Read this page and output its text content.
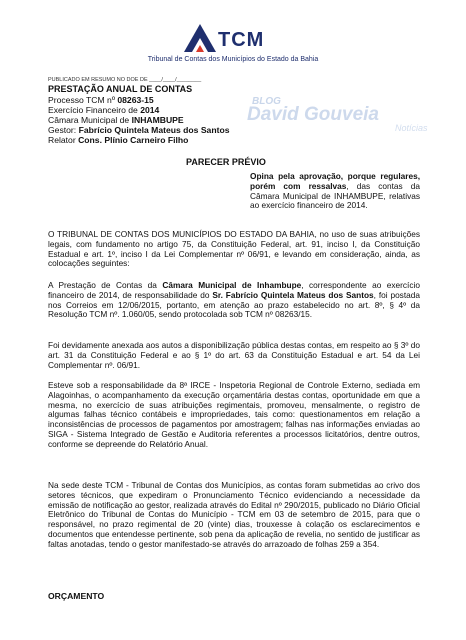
TCM
Tribunal de Contas dos Municípios do Estado da Bahia
PUBLICADO EM RESUMO NO DOE DE ____/____/________
PRESTAÇÃO ANUAL DE CONTAS
Processo TCM nº 08263-15
Exercício Financeiro de 2014
Câmara Municipal de INHAMBUPE
Gestor: Fabrício Quintela Mateus dos Santos
Relator Cons. Plínio Carneiro Filho
BLOG
David Gouveia
Notícias
PARECER PRÉVIO
Opina pela aprovação, porque regulares, porém com ressalvas, das contas da Câmara Municipal de INHAMBUPE, relativas ao exercício financeiro de 2014.
O TRIBUNAL DE CONTAS DOS MUNICÍPIOS DO ESTADO DA BAHIA, no uso de suas atribuições legais, com fundamento no artigo 75, da Constituição Federal, art. 91, inciso I, da Constituição Estadual e art. 1º, inciso I da Lei Complementar nº 06/91, e levando em consideração, ainda, as colocações seguintes:
A Prestação de Contas da Câmara Municipal de Inhambupe, correspondente ao exercício financeiro de 2014, de responsabilidade do Sr. Fabrício Quintela Mateus dos Santos, foi postada nos Correios em 12/06/2015, portanto, em atenção ao prazo estabelecido no art. 8º, § 4º da Resolução TCM nº. 1.060/05, sendo protocolada sob TCM nº 08263/15.
Foi devidamente anexada aos autos a disponibilização pública destas contas, em respeito ao § 3º do art. 31 da Constituição Federal e ao § 1º do art. 63 da Constituição Estadual e art. 54 da Lei Complementar nº. 06/91.
Esteve sob a responsabilidade da 8ª IRCE - Inspetoria Regional de Controle Externo, sediada em Alagoinhas, o acompanhamento da execução orçamentária destas contas, oportunidade em que a mesma, no exercício de suas atribuições regimentais, promoveu, mensalmente, o registro de algumas falhas técnico contábeis e impropriedades, tais como: questionamentos em relação a inconsistências de processos de pagamentos por amostragem; falhas nas informações enviadas ao SIGA - Sistema Integrado de Gestão e Auditoria referentes a processos licitatórios, dentre outros, conforme se depreende do Relatório Anual.
Na sede deste TCM - Tribunal de Contas dos Municípios, as contas foram submetidas ao crivo dos setores técnicos, que expediram o Pronunciamento Técnico evidenciando a necessidade da emissão de notificação ao gestor, realizada através do Edital nº 290/2015, publicado no Diário Oficial Eletrônico do Tribunal de Contas do Município - TCM em 03 de setembro de 2015, para que o responsável, no prazo regimental de 20 (vinte) dias, trouxesse à colação os esclarecimentos e documentos que entendesse pertinente, sob pena da aplicação de revelia, no sentido de justificar as faltas anotadas, tendo o gestor manifestado-se através do arrazoado de folhas 259 a 354.
ORÇAMENTO
